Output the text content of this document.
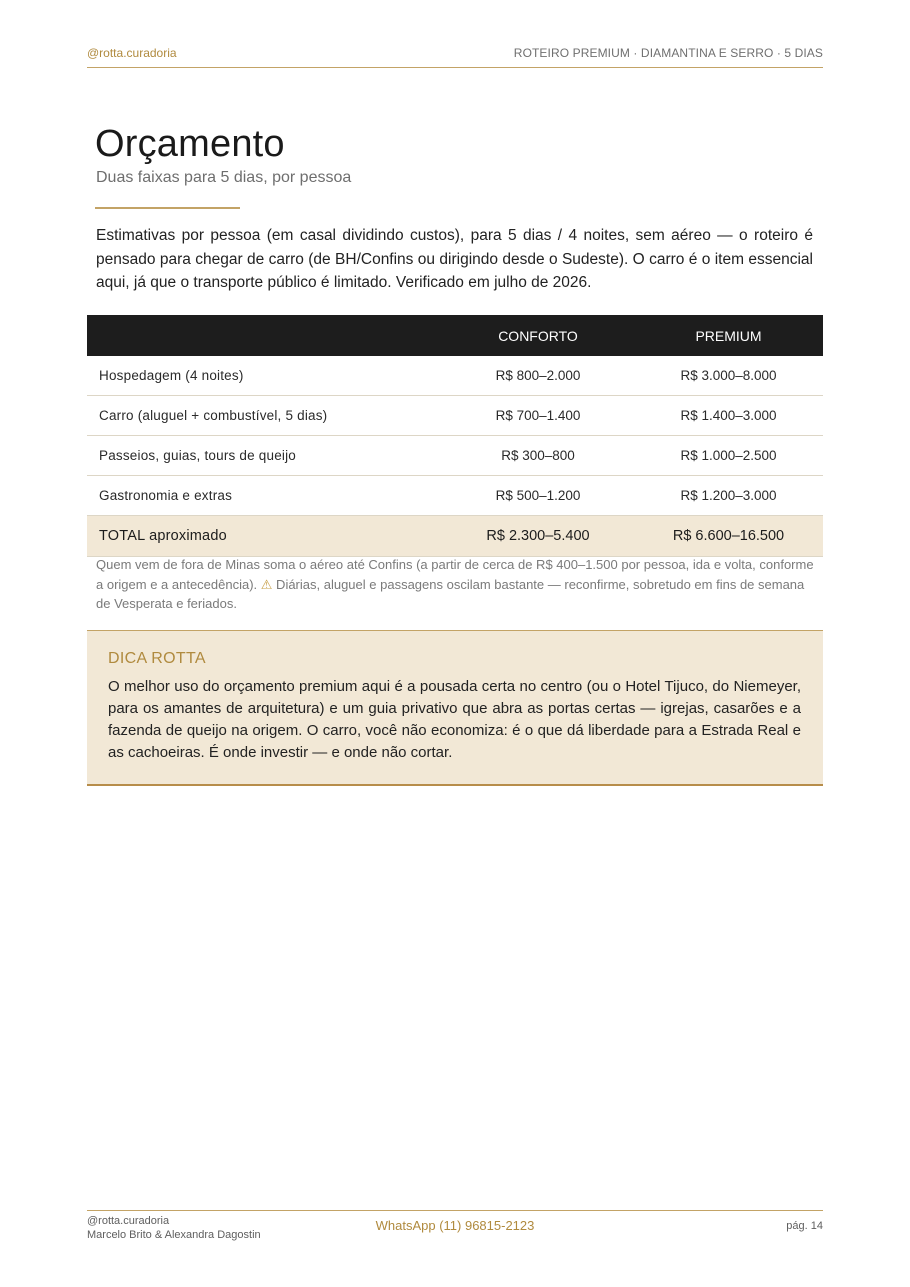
@rotta.curadoria	ROTEIRO PREMIUM · DIAMANTINA E SERRO · 5 DIAS
Orçamento
Duas faixas para 5 dias, por pessoa

Estimativas por pessoa (em casal dividindo custos), para 5 dias / 4 noites, sem aéreo — o roteiro é pensado para chegar de carro (de BH/Confins ou dirigindo desde o Sudeste). O carro é o item essencial aqui, já que o transporte público é limitado. Verificado em julho de 2026.

	CONFORTO	PREMIUM
Hospedagem (4 noites)	R$ 800–2.000	R$ 3.000–8.000
Carro (aluguel + combustível, 5 dias)	R$ 700–1.400	R$ 1.400–3.000
Passeios, guias, tours de queijo	R$ 300–800	R$ 1.000–2.500
Gastronomia e extras	R$ 500–1.200	R$ 1.200–3.000
TOTAL aproximado	R$ 2.300–5.400	R$ 6.600–16.500
Quem vem de fora de Minas soma o aéreo até Confins (a partir de cerca de R$ 400–1.500 por pessoa, ida e volta, conforme a origem e a antecedência). ⚠ Diárias, aluguel e passagens oscilam bastante — reconfirme, sobretudo em fins de semana de Vesperata e feriados.
DICA ROTTA
O melhor uso do orçamento premium aqui é a pousada certa no centro (ou o Hotel Tijuco, do Niemeyer, para os amantes de arquitetura) e um guia privativo que abra as portas certas — igrejas, casarões e a fazenda de queijo na origem. O carro, você não economiza: é o que dá liberdade para a Estrada Real e as cachoeiras. É onde investir — e onde não cortar.
@rotta.curadoria
Marcelo Brito & Alexandra Dagostin
WhatsApp (11) 96815-2123	pág. 14
